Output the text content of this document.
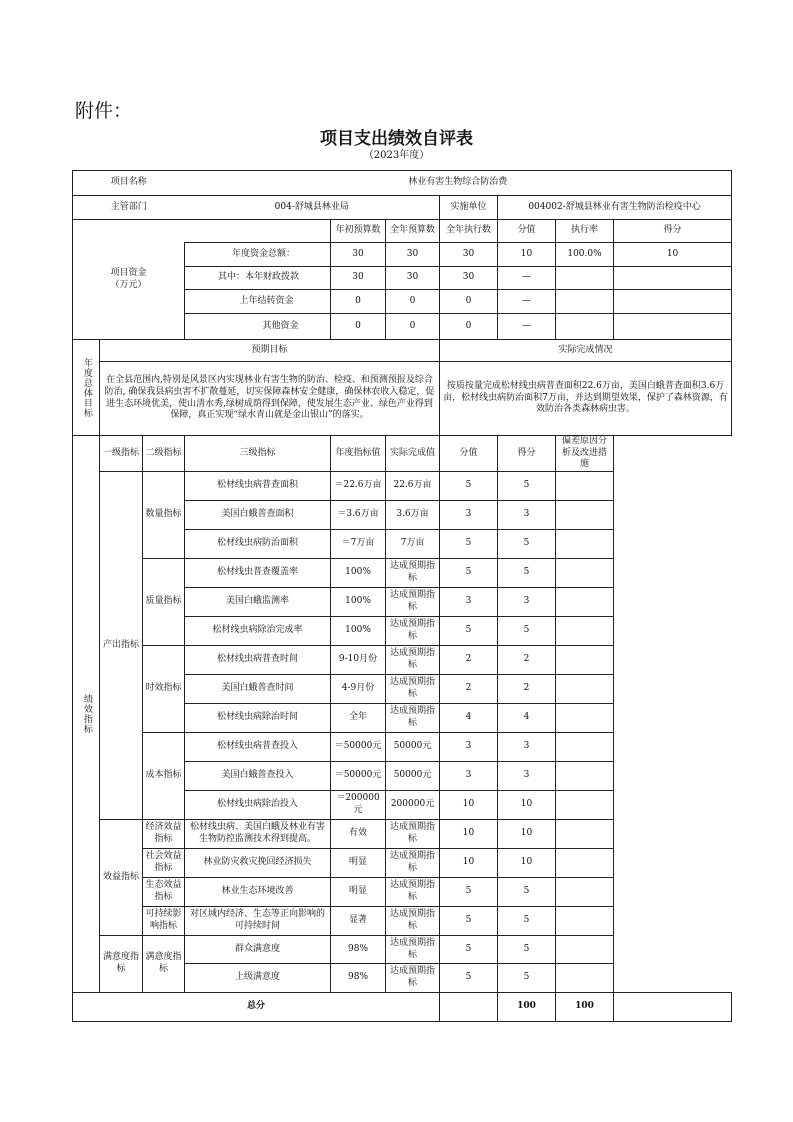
附件：
项目支出绩效自评表
（2023年度）
项目名称			林业有害生物综合防治费						
主管部门			004-舒城县林业局			实施单位	004002-舒城县林业有害生物防治检疫中心		

项目资金
（万元）				年初预算数	全年预算数	全年执行数	分值	执行率	得分
			年度资金总额：	30	30	30	10	100.0%	10
			其中：本年财政拨款	30	30	30	—		
			上年结转资金	0	0	0	—		
			其他资金	0	0	0	—		
年度总体目标	预期目标					实际完成情况			
	在全县范围内,特别是风景区内实现林业有害生物的防治、检疫、和预测预报及综合防治, 确保我县病虫害不扩散蔓延，切实保障森林安全健康，确保林农收入稳定，促进生态环境优美，使山清水秀,绿树成荫得到保障，使发展生态产业、绿色产业得到保障，真正实现“绿水青山就是金山银山”的落实。					按质按量完成松材线虫病普查面积22.6万亩，美国白蛾普查面积3.6万亩，松材线虫病防治面积7万亩，并达到期望效果，保护了森林资源，有效防治各类森林病虫害。			
绩效指标	一级指标	二级指标	三级指标	年度指标值	实际完成值	分值	得分	偏差原因分析及改进措施	
	产出指标	数量指标	松材线虫病普查面积	＝22.6万亩	22.6万亩	5	5		
			美国白蛾普查面积	＝3.6万亩	3.6万亩	3	3		
			松材线虫病防治面积	＝7万亩	7万亩	5	5		
		质量指标	松材线虫普查覆盖率	100%	达成预期指标	5	5		
			美国白蛾监测率	100%	达成预期指标	3	3		
			松材线虫病除治完成率	100%	达成预期指标	5	5		
		时效指标	松材线虫病普查时间	9-10月份	达成预期指标	2	2		
			美国白蛾普查时间	4-9月份	达成预期指标	2	2		
			松材线虫病除治时间	全年	达成预期指标	4	4		
		成本指标	松材线虫病普查投入	＝50000元	50000元	3	3		
			美国白蛾普查投入	＝50000元	50000元	3	3		
			松材线虫病除治投入	＝200000元	200000元	10	10		
	效益指标	经济效益指标	松材线虫病、美国白蛾及林业有害生物防控监测技术得到提高。	有效	达成预期指标	10	10		
		社会效益指标	林业防灾救灾挽回经济损失	明显	达成预期指标	10	10		
		生态效益指标	林业生态环境改善	明显	达成预期指标	5	5		
		可持续影响指标	对区域内经济、生态等正向影响的可持续时间	显著	达成预期指标	5	5		
	满意度指标	满意度指标	群众满意度	98%	达成预期指标	5	5		
			上级满意度	98%	达成预期指标	5	5		
总分							100	100	
